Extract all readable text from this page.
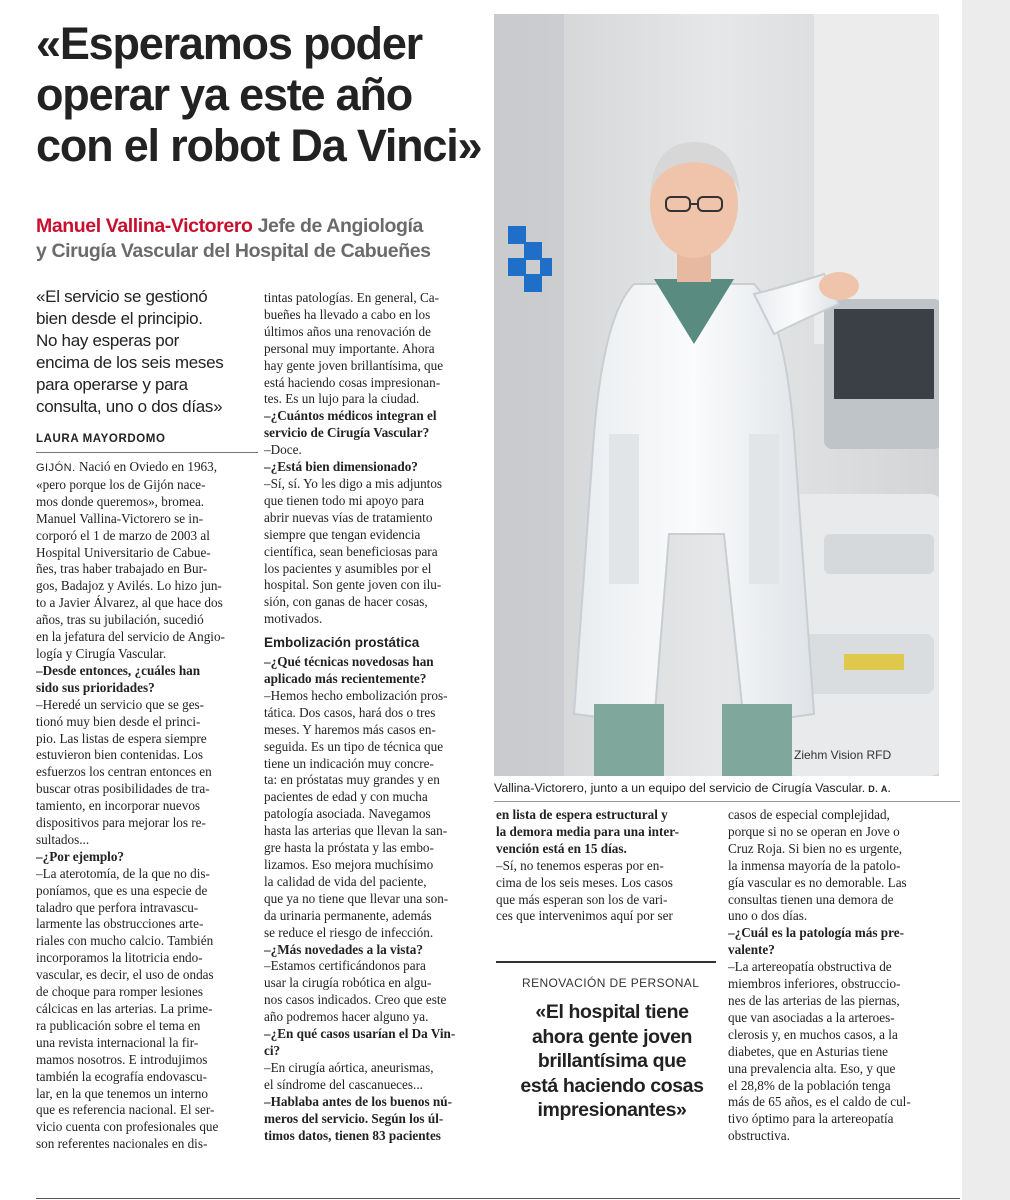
«Esperamos poder
operar ya este año
con el robot Da Vinci»
Manuel Vallina-Victorero Jefe de Angiología
y Cirugía Vascular del Hospital de Cabueñes
«El servicio se gestionó
bien desde el principio.
No hay esperas por
encima de los seis meses
para operarse y para
consulta, uno o dos días»
LAURA MAYORDOMO
GIJÓN. Nació en Oviedo en 1963,
«pero porque los de Gijón nace-
mos donde queremos», bromea.
Manuel Vallina-Victorero se in-
corporó el 1 de marzo de 2003 al
Hospital Universitario de Cabue-
ñes, tras haber trabajado en Bur-
gos, Badajoz y Avilés. Lo hizo jun-
to a Javier Álvarez, al que hace dos
años, tras su jubilación, sucedió
en la jefatura del servicio de Angio-
logía y Cirugía Vascular.
–Desde entonces, ¿cuáles han
sido sus prioridades?
–Heredé un servicio que se ges-
tionó muy bien desde el princi-
pio. Las listas de espera siempre
estuvieron bien contenidas. Los
esfuerzos los centran entonces en
buscar otras posibilidades de tra-
tamiento, en incorporar nuevos
dispositivos para mejorar los re-
sultados...
–¿Por ejemplo?
–La aterotomía, de la que no dis-
poníamos, que es una especie de
taladro que perfora intravascu-
larmente las obstrucciones arte-
riales con mucho calcio. También
incorporamos la litotricia endo-
vascular, es decir, el uso de ondas
de choque para romper lesiones
cálcicas en las arterias. La prime-
ra publicación sobre el tema en
una revista internacional la fir-
mamos nosotros. E introdujimos
también la ecografía endovascu-
lar, en la que tenemos un interno
que es referencia nacional. El ser-
vicio cuenta con profesionales que
son referentes nacionales en dis-
tintas patologías. En general, Ca-
bueñes ha llevado a cabo en los
últimos años una renovación de
personal muy importante. Ahora
hay gente joven brillantísima, que
está haciendo cosas impresionan-
tes. Es un lujo para la ciudad.
–¿Cuántos médicos integran el
servicio de Cirugía Vascular?
–Doce.
–¿Está bien dimensionado?
–Sí, sí. Yo les digo a mis adjuntos
que tienen todo mi apoyo para
abrir nuevas vías de tratamiento
siempre que tengan evidencia
científica, sean beneficiosas para
los pacientes y asumibles por el
hospital. Son gente joven con ilu-
sión, con ganas de hacer cosas,
motivados.
Embolización prostática
–¿Qué técnicas novedosas han
aplicado más recientemente?
–Hemos hecho embolización pros-
tática. Dos casos, hará dos o tres
meses. Y haremos más casos en-
seguida. Es un tipo de técnica que
tiene un indicación muy concre-
ta: en próstatas muy grandes y en
pacientes de edad y con mucha
patología asociada. Navegamos
hasta las arterias que llevan la san-
gre hasta la próstata y las embo-
lizamos. Eso mejora muchísimo
la calidad de vida del paciente,
que ya no tiene que llevar una son-
da urinaria permanente, además
se reduce el riesgo de infección.
–¿Más novedades a la vista?
–Estamos certificándonos para
usar la cirugía robótica en algu-
nos casos indicados. Creo que este
año podremos hacer alguno ya.
–¿En qué casos usarían el Da Vin-
ci?
–En cirugía aórtica, aneurismas,
el síndrome del cascanueces...
–Hablaba antes de los buenos nú-
meros del servicio. Según los úl-
timos datos, tienen 83 pacientes
Ziehm Vision RFD
Vallina-Victorero, junto a un equipo del servicio de Cirugía Vascular. D. A.
en lista de espera estructural y
la demora media para una inter-
vención está en 15 días.
–Sí, no tenemos esperas por en-
cima de los seis meses. Los casos
que más esperan son los de vari-
ces que intervenimos aquí por ser
RENOVACIÓN DE PERSONAL
«El hospital tiene
ahora gente joven
brillantísima que
está haciendo cosas
impresionantes»
casos de especial complejidad,
porque si no se operan en Jove o
Cruz Roja. Si bien no es urgente,
la inmensa mayoría de la patolo-
gía vascular es no demorable. Las
consultas tienen una demora de
uno o dos días.
–¿Cuál es la patología más pre-
valente?
–La artereopatía obstructiva de
miembros inferiores, obstruccio-
nes de las arterias de las piernas,
que van asociadas a la arteroes-
clerosis y, en muchos casos, a la
diabetes, que en Asturias tiene
una prevalencia alta. Eso, y que
el 28,8% de la población tenga
más de 65 años, es el caldo de cul-
tivo óptimo para la artereopatía
obstructiva.
